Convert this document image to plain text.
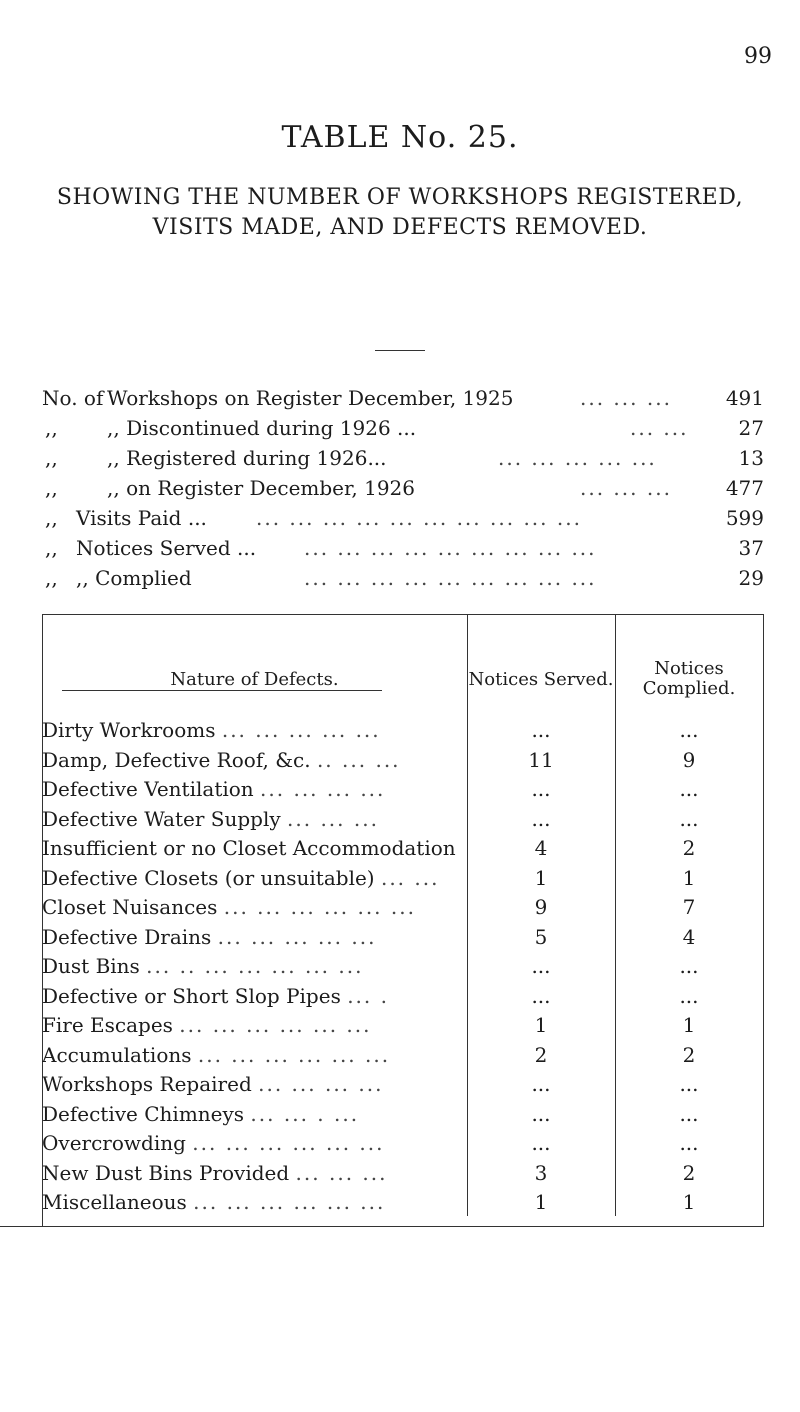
99
TABLE No. 25.
SHOWING THE NUMBER OF WORKSHOPS REGISTERED,
VISITS MADE, AND DEFECTS REMOVED.
No. of Workshops on Register December, 1925	... ... ...	491
,, ,, Discontinued during 1926 ...	... ...	27
,, ,, Registered during 1926...	... ... ... ... ...	13
,, ,, on Register December, 1926	... ... ...	477
,, Visits Paid ... ... ... ... ... ... ... ... ... ... ...	599
,, Notices Served ... ... ... ... ... ... ... ... ... ...	37
,, ,, Complied	... ... ... ... ... ... ... ... ...	29
Nature of Defects.	Notices Served.
Notices
Complied.
Dirty Workrooms ... ... ... ... ...	...	...
Damp, Defective Roof, &c. .. ... ...	11	9
Defective Ventilation ... ... ... ...	...	...
Defective Water Supply ... ... ...	...	...
Insufficient or no Closet Accommodation	4	2
Defective Closets (or unsuitable) ... ...	1	1
Closet Nuisances ... ... ... ... ... ...	9	7
Defective Drains ... ... ... ... ...	5	4
Dust Bins ... .. ... ... ... ... ...	...	...
Defective or Short Slop Pipes ... .	...	...
Fire Escapes ... ... ... ... ... ...	1	1
Accumulations ... ... ... ... ... ...	2	2
Workshops Repaired ... ... ... ...	...	...
Defective Chimneys ... ... . ...	...	...
Overcrowding ... ... ... ... ... ...	...	...
New Dust Bins Provided ... ... ...	3	2
Miscellaneous ... ... ... ... ... ...	1	1
